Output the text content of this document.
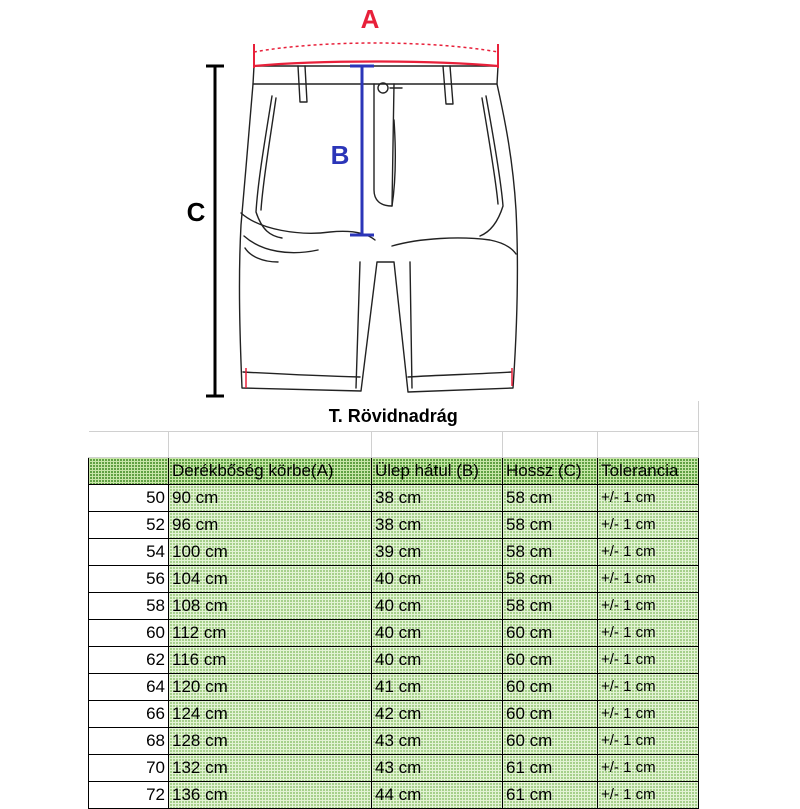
A
B
C
T. Rövidnadrág				

	Derékbőség körbe(A)	Ülep hátul (B)	Hossz (C)	Tolerancia
50	90 cm	38 cm	58 cm	+/- 1 cm
52	96 cm	38 cm	58 cm	+/- 1 cm
54	100 cm	39 cm	58 cm	+/- 1 cm
56	104 cm	40 cm	58 cm	+/- 1 cm
58	108 cm	40 cm	58 cm	+/- 1 cm
60	112 cm	40 cm	60 cm	+/- 1 cm
62	116 cm	40 cm	60 cm	+/- 1 cm
64	120 cm	41 cm	60 cm	+/- 1 cm
66	124 cm	42 cm	60 cm	+/- 1 cm
68	128 cm	43 cm	60 cm	+/- 1 cm
70	132 cm	43 cm	61 cm	+/- 1 cm
72	136 cm	44 cm	61 cm	+/- 1 cm
